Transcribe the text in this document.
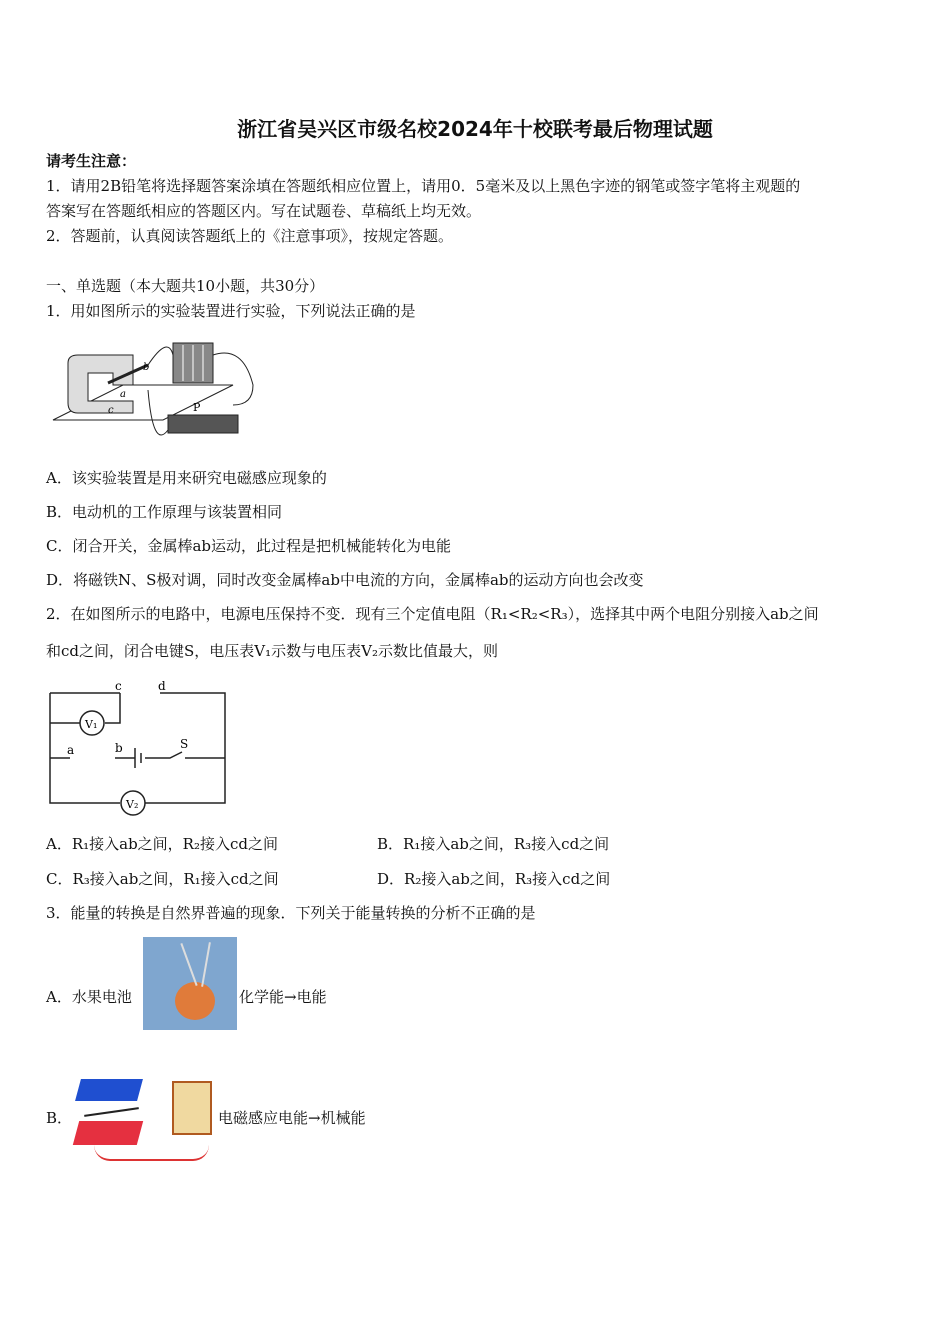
浙江省吴兴区市级名校2024年十校联考最后物理试题
请考生注意：
1．请用2B铅笔将选择题答案涂填在答题纸相应位置上，请用0．5毫米及以上黑色字迹的钢笔或签字笔将主观题的
答案写在答题纸相应的答题区内。写在试题卷、草稿纸上均无效。
2．答题前，认真阅读答题纸上的《注意事项》，按规定答题。
一、单选题（本大题共10小题，共30分）
1．用如图所示的实验装置进行实验，下列说法正确的是
b
a
c	P
A．该实验装置是用来研究电磁感应现象的
B．电动机的工作原理与该装置相同
C．闭合开关，金属棒ab运动，此过程是把机械能转化为电能
D．将磁铁N、S极对调，同时改变金属棒ab中电流的方向，金属棒ab的运动方向也会改变
2．在如图所示的电路中，电源电压保持不变．现有三个定值电阻（R₁<R₂<R₃），选择其中两个电阻分别接入ab之间
和cd之间，闭合电键S，电压表V₁示数与电压表V₂示数比值最大，则
V₁
V₂
c	d
a	b	S
A．R₁接入ab之间，R₂接入cd之间	B．R₁接入ab之间，R₃接入cd之间
C．R₃接入ab之间，R₁接入cd之间	D．R₂接入ab之间，R₃接入cd之间
3．能量的转换是自然界普遍的现象．下列关于能量转换的分析不正确的是
A．水果电池	化学能→电能
B．	电磁感应电能→机械能
